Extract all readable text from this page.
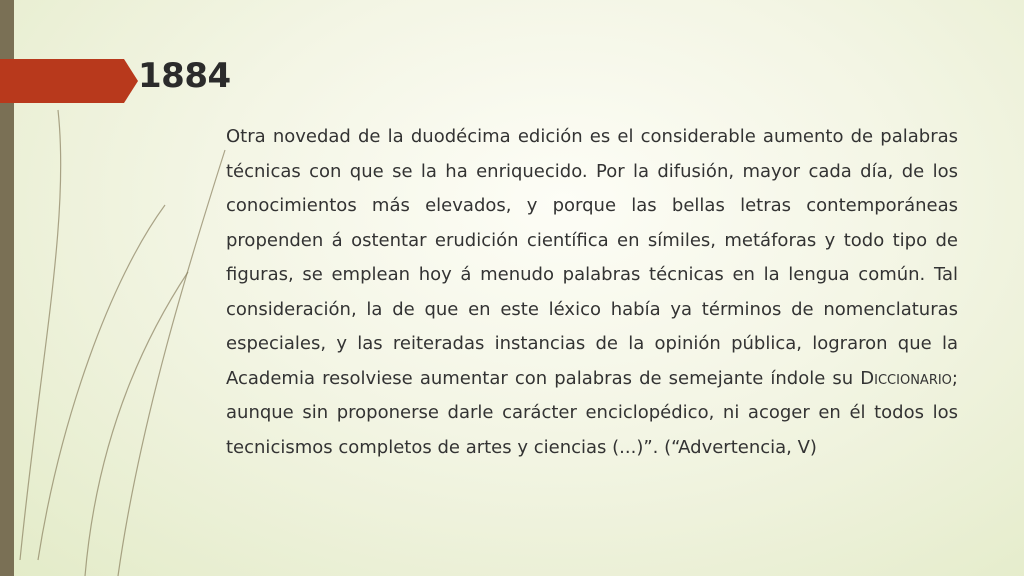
1884

Otra novedad de la duodécima edición es el considerable aumento de palabras técnicas con que se la ha enriquecido. Por la difusión, mayor cada día, de los conocimientos más elevados, y porque las bellas letras contemporáneas propenden á ostentar erudición científica en símiles, metáforas y todo tipo de figuras, se emplean hoy á menudo palabras técnicas en la lengua común. Tal consideración, la de que en este léxico había ya términos de nomenclaturas especiales, y las reiteradas instancias de la opinión pública, lograron que la Academia resolviese aumentar con palabras de semejante índole su Diccionario; aunque sin proponerse darle carácter enciclopédico, ni acoger en él todos los tecnicismos completos de artes y ciencias (...)”. (“Advertencia, V)
